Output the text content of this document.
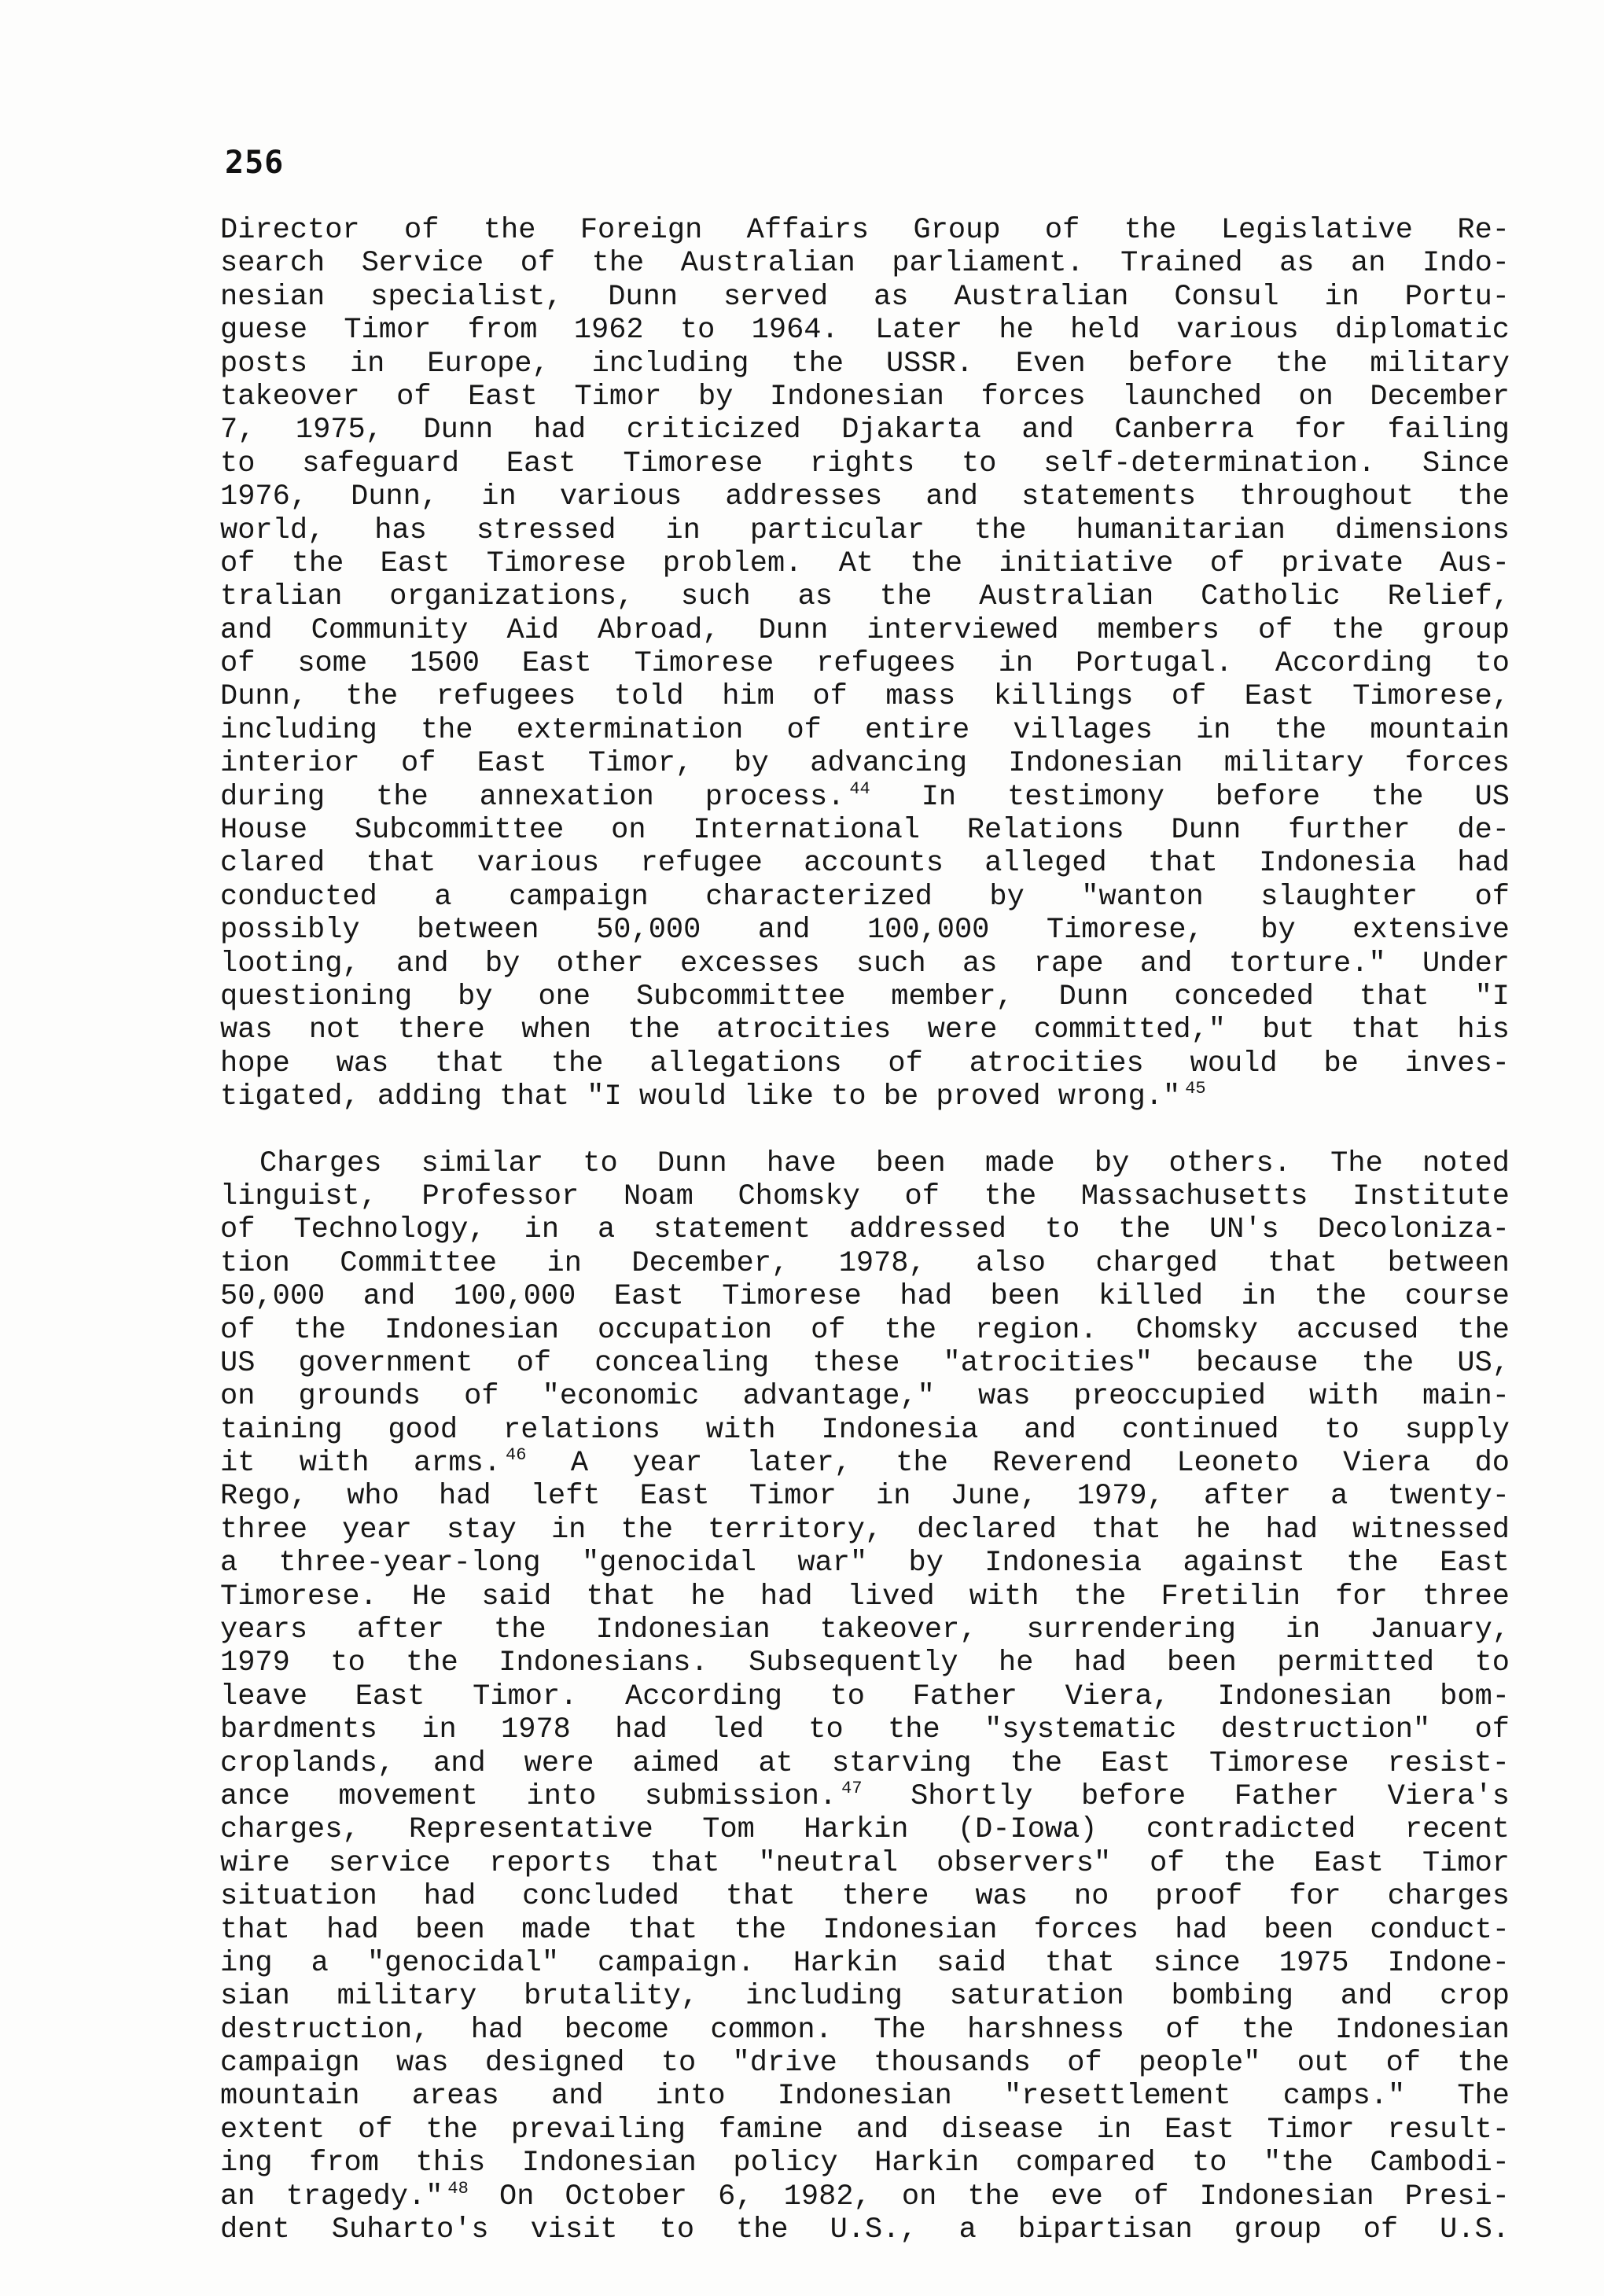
256
Director of the Foreign Affairs Group of the Legislative Re-
search Service of the Australian parliament. Trained as an Indo-
nesian specialist, Dunn served as Australian Consul in Portu-
guese Timor from 1962 to 1964. Later he held various diplomatic
posts in Europe, including the USSR. Even before the military
takeover of East Timor by Indonesian forces launched on December
7, 1975, Dunn had criticized Djakarta and Canberra for failing
to safeguard East Timorese rights to self-determination. Since
1976, Dunn, in various addresses and statements throughout the
world, has stressed in particular the humanitarian dimensions
of the East Timorese problem. At the initiative of private Aus-
tralian organizations, such as the Australian Catholic Relief,
and Community Aid Abroad, Dunn interviewed members of the group
of some 1500 East Timorese refugees in Portugal. According to
Dunn, the refugees told him of mass killings of East Timorese,
including the extermination of entire villages in the mountain
interior of East Timor, by advancing Indonesian military forces
during the annexation process. $^{44}$ In testimony before the US
House Subcommittee on International Relations Dunn further de-
clared that various refugee accounts alleged that Indonesia had
conducted a campaign characterized by "wanton slaughter of
possibly between 50,000 and 100,000 Timorese, by extensive
looting, and by other excesses such as rape and torture." Under
questioning by one Subcommittee member, Dunn conceded that "I
was not there when the atrocities were committed," but that his
hope was that the allegations of atrocities would be inves-
tigated, adding that "I would like to be proved wrong." $^{45}$
Charges similar to Dunn have been made by others. The noted
linguist, Professor Noam Chomsky of the Massachusetts Institute
of Technology, in a statement addressed to the UN's Decoloniza-
tion Committee in December, 1978, also charged that between
50,000 and 100,000 East Timorese had been killed in the course
of the Indonesian occupation of the region. Chomsky accused the
US government of concealing these "atrocities" because the US,
on grounds of "economic advantage," was preoccupied with main-
taining good relations with Indonesia and continued to supply
it with arms. $^{46}$ A year later, the Reverend Leoneto Viera do
Rego, who had left East Timor in June, 1979, after a twenty-
three year stay in the territory, declared that he had witnessed
a three-year-long "genocidal war" by Indonesia against the East
Timorese. He said that he had lived with the Fretilin for three
years after the Indonesian takeover, surrendering in January,
1979 to the Indonesians. Subsequently he had been permitted to
leave East Timor. According to Father Viera, Indonesian bom-
bardments in 1978 had led to the "systematic destruction" of
croplands, and were aimed at starving the East Timorese resist-
ance movement into submission. $^{47}$ Shortly before Father Viera's
charges, Representative Tom Harkin (D-Iowa) contradicted recent
wire service reports that "neutral observers" of the East Timor
situation had concluded that there was no proof for charges
that had been made that the Indonesian forces had been conduct-
ing a "genocidal" campaign. Harkin said that since 1975 Indone-
sian military brutality, including saturation bombing and crop
destruction, had become common. The harshness of the Indonesian
campaign was designed to "drive thousands of people" out of the
mountain areas and into Indonesian "resettlement camps." The
extent of the prevailing famine and disease in East Timor result-
ing from this Indonesian policy Harkin compared to "the Cambodi-
an tragedy." $^{48}$ On October 6, 1982, on the eve of Indonesian Presi-
dent Suharto's visit to the U.S., a bipartisan group of U.S.
